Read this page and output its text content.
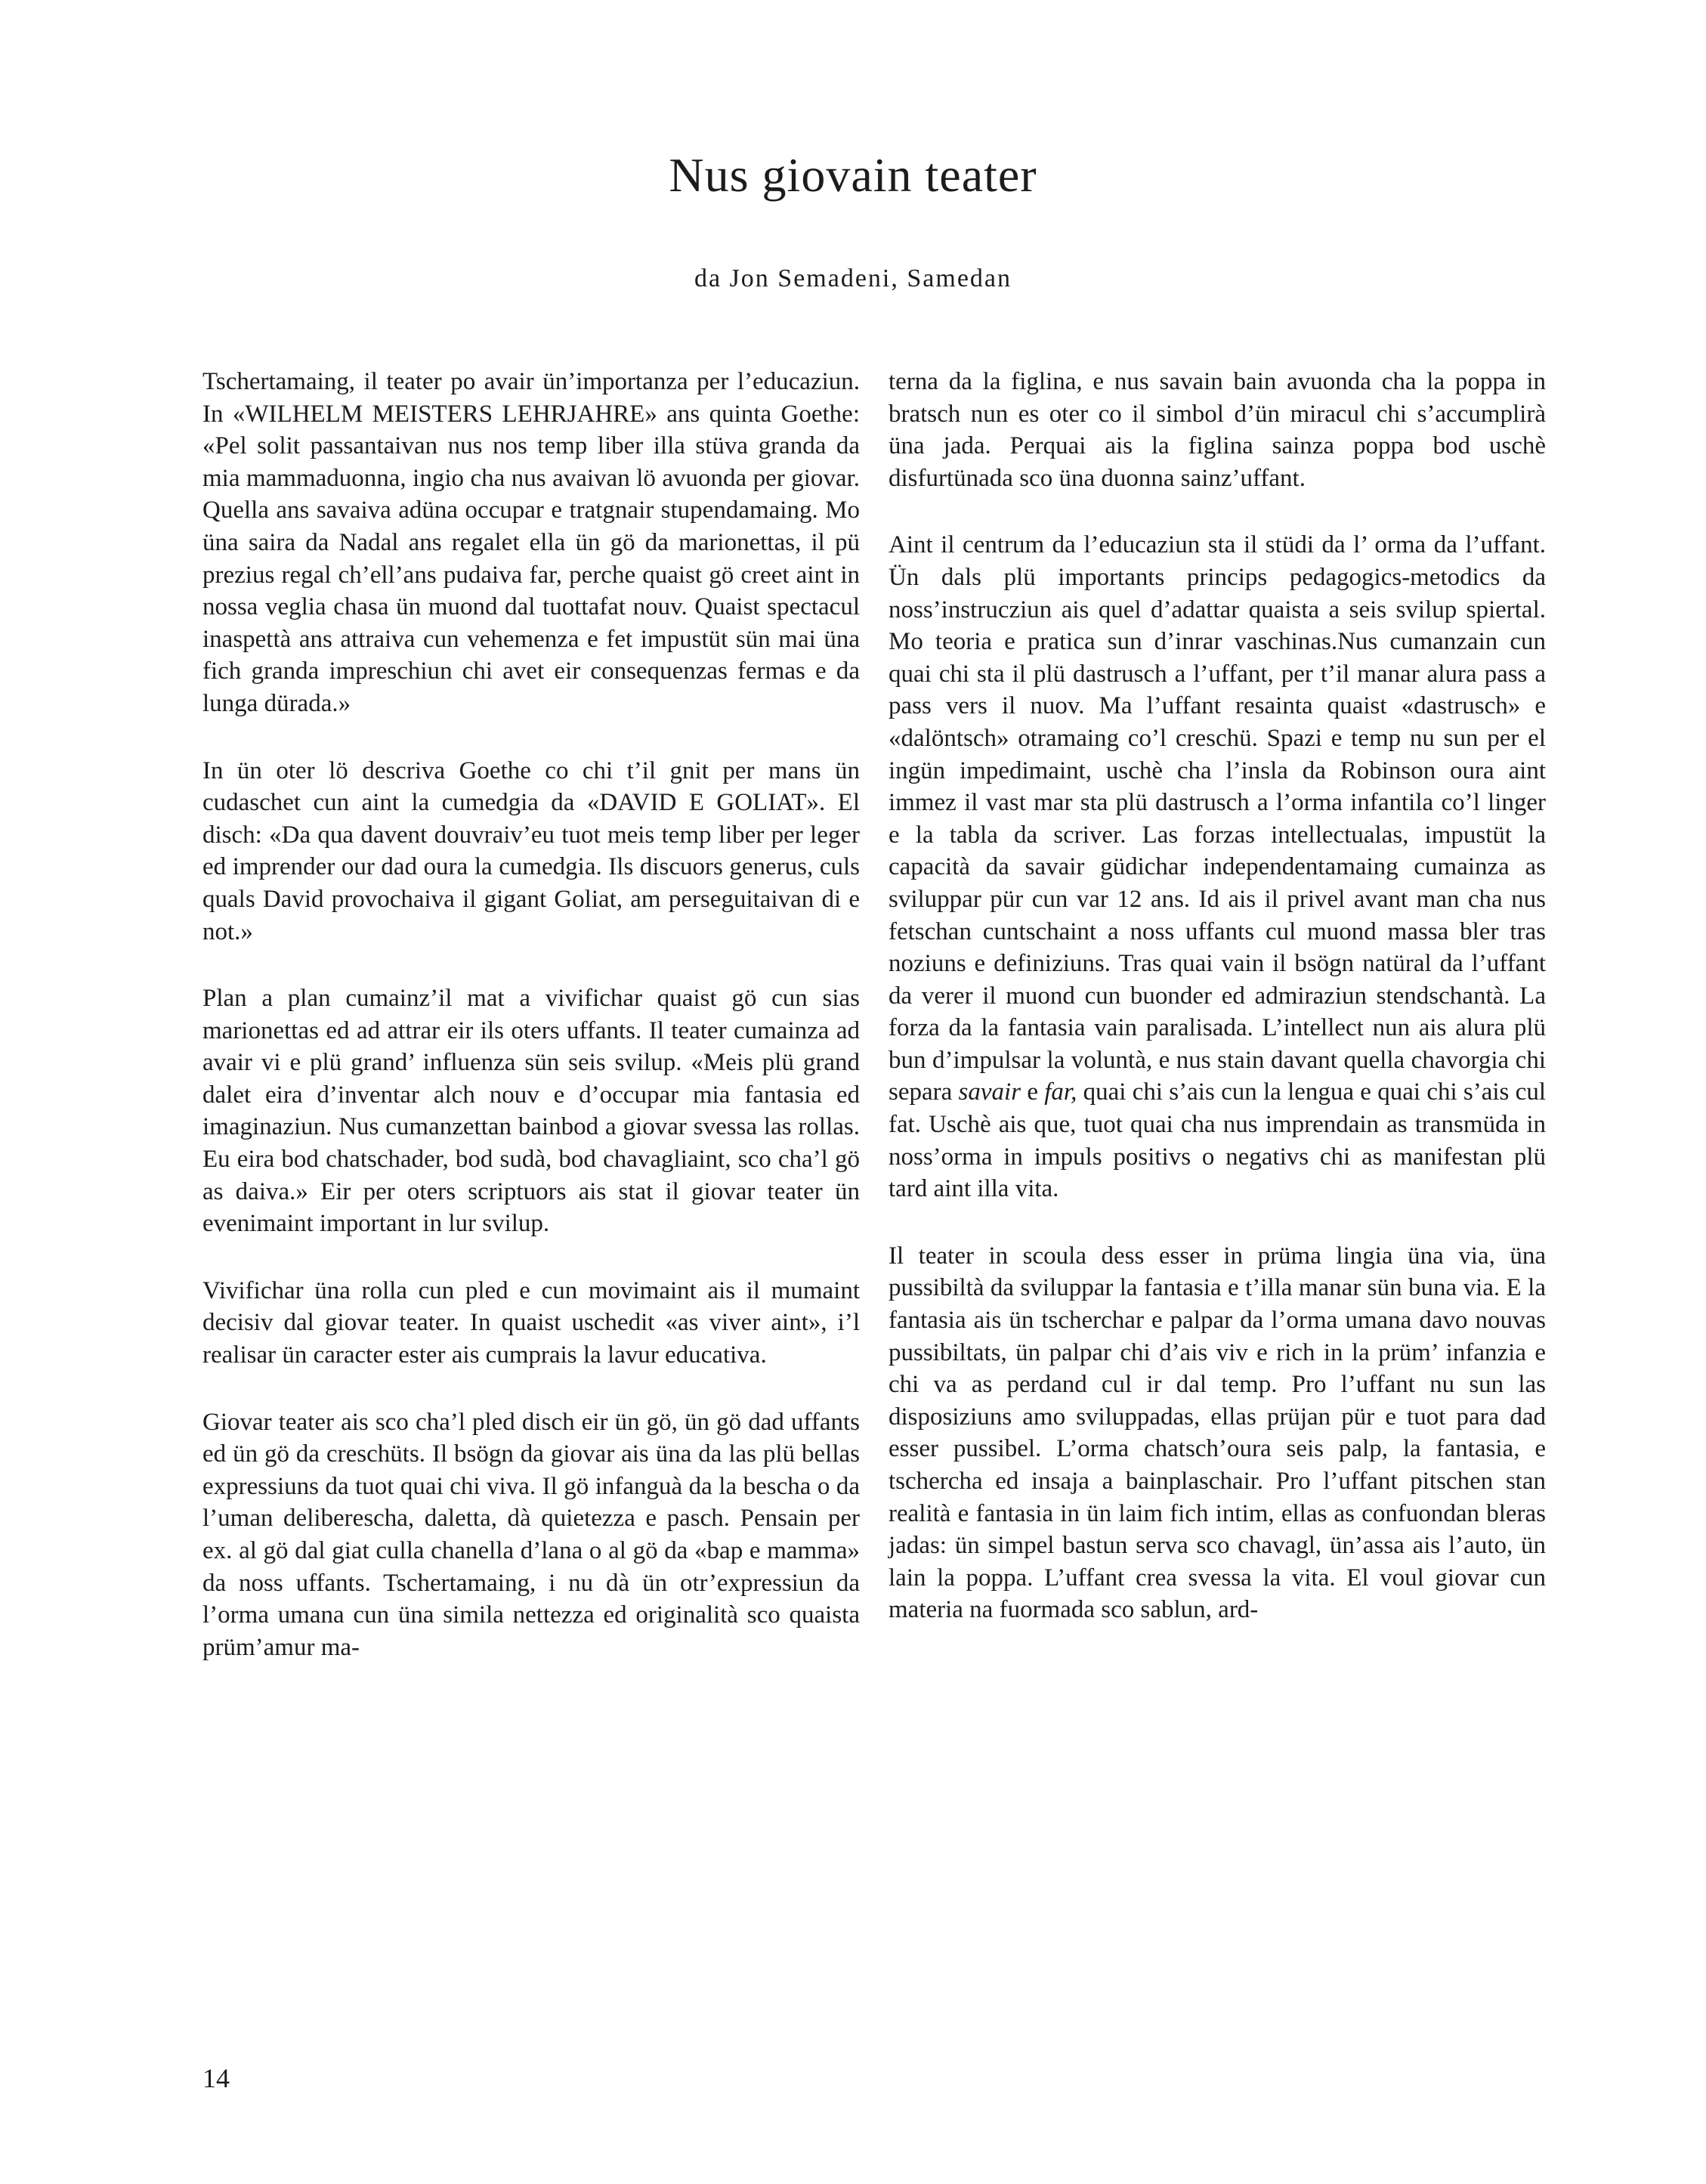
Nus giovain teater
da Jon Semadeni, Samedan

Tschertamaing, il teater po avair ün’importanza per l’educaziun. In «WILHELM MEISTERS LEHRJAHRE» ans quinta Goethe: «Pel solit passantaivan nus nos temp liber illa stüva granda da mia mammaduonna, ingio cha nus avaivan lö avuonda per giovar. Quella ans savaiva adüna occupar e tratgnair stupendamaing. Mo üna saira da Nadal ans regalet ella ün gö da marionettas, il pü prezius regal ch’ell’ans pudaiva far, perche quaist gö creet aint in nossa veglia chasa ün muond dal tuottafat nouv. Quaist spectacul inaspettà ans attraiva cun vehemenza e fet impustüt sün mai üna fich granda impreschiun chi avet eir consequenzas fermas e da lunga dürada.»

In ün oter lö descriva Goethe co chi t’il gnit per mans ün cudaschet cun aint la cumedgia da «DAVID E GOLIAT». El disch: «Da qua davent douvraiv’eu tuot meis temp liber per leger ed imprender our dad oura la cumedgia. Ils discuors generus, culs quals David provochaiva il gigant Goliat, am perseguitaivan di e not.»

Plan a plan cumainz’il mat a vivifichar quaist gö cun sias marionettas ed ad attrar eir ils oters uffants. Il teater cumainza ad avair vi e plü grand’ influenza sün seis svilup. «Meis plü grand dalet eira d’inventar alch nouv e d’occupar mia fantasia ed imaginaziun. Nus cumanzettan bainbod a giovar svessa las rollas. Eu eira bod chatschader, bod sudà, bod chavagliaint, sco cha’l gö as daiva.» Eir per oters scriptuors ais stat il giovar teater ün evenimaint important in lur svilup.

Vivifichar üna rolla cun pled e cun movimaint ais il mumaint decisiv dal giovar teater. In quaist uschedit «as viver aint», i’l realisar ün caracter ester ais cumprais la lavur educativa.

Giovar teater ais sco cha’l pled disch eir ün gö, ün gö dad uffants ed ün gö da creschüts. Il bsögn da giovar ais üna da las plü bellas expressiuns da tuot quai chi viva. Il gö infanguà da la bescha o da l’uman delibereschа, daletta, dà quietezza e pasch. Pensain per ex. al gö dal giat culla chanella d’lana o al gö da «bap e mamma» da noss uffants. Tschertamaing, i nu dà ün otr’expressiun da l’orma umana cun üna simila nettezza ed originalità sco quaista prüm’amur ma-

terna da la figlina, e nus savain bain avuonda cha la poppa in bratsch nun es oter co il simbol d’ün miracul chi s’accumplirà üna jada. Perquai ais la figlina sainza poppa bod uschè disfurtünada sco üna duonna sainz’uffant.

Aint il centrum da l’educaziun sta il stüdi da l’ orma da l’uffant. Ün dals plü importants princips pedagogics-metodics da noss’instrucziun ais quel d’adattar quaista a seis svilup spiertal. Mo teoria e pratica sun d’inrar vaschinas.Nus cumanzain cun quai chi sta il plü dastrusch a l’uffant, per t’il manar alura pass a pass vers il nuov. Ma l’uffant resainta quaist «dastrusch» e «dalöntsch» otramaing co’l creschü. Spazi e temp nu sun per el ingün impedimaint, uschè cha l’insla da Robinson oura aint immez il vast mar sta plü dastrusch a l’orma infantila co’l linger e la tabla da scriver. Las forzas intellectualas, impustüt la capacità da savair güdichar independentamaing cumainza as sviluppar pür cun var 12 ans. Id ais il privel avant man cha nus fetschan cuntschaint a noss uffants cul muond massa bler tras noziuns e definiziuns. Tras quai vain il bsögn natüral da l’uffant da verer il muond cun buonder ed admiraziun stendschantà. La forza da la fantasia vain paralisada. L’intellect nun ais alura plü bun d’impulsar la voluntà, e nus stain davant quella chavorgia chi separa savair e far, quai chi s’ais cun la lengua e quai chi s’ais cul fat. Uschè ais que, tuot quai cha nus imprendain as transmüda in noss’orma in impuls positivs o negativs chi as manifestan plü tard aint illa vita.

Il teater in scoula dess esser in prüma lingia üna via, üna pussibiltà da sviluppar la fantasia e t’illa manar sün buna via. E la fantasia ais ün tscherchar e palpar da l’orma umana davo nouvas pussibiltats, ün palpar chi d’ais viv e rich in la prüm’ infanzia e chi va as perdand cul ir dal temp. Pro l’uffant nu sun las disposiziuns amo sviluppadas, ellas prüjan pür e tuot para dad esser pussibel. L’orma chatsch’oura seis palp, la fantasia, e tscherchа ed insaja a bainplaschair. Pro l’uffant pitschen stan realità e fantasia in ün laim fich intim, ellas as confuondan bleras jadas: ün simpel bastun serva sco chavagl, ün’assa ais l’auto, ün lain la poppa. L’uffant crea svessa la vita. El voul giovar cun materia na fuormada sco sablun, ard-

14
